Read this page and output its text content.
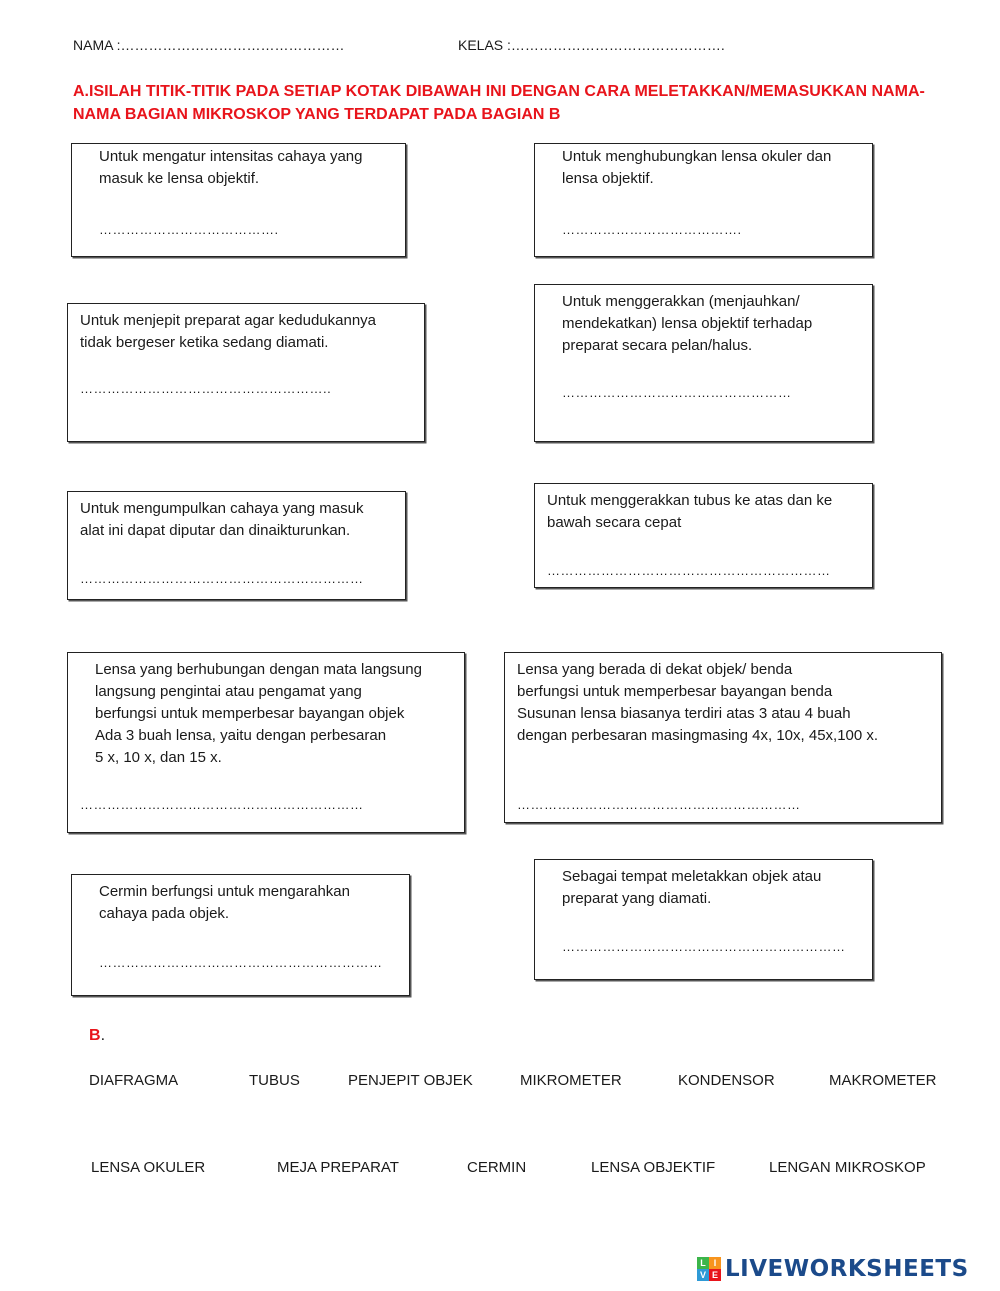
NAMA :…………………………………………	KELAS :……………………………………….
A.ISILAH TITIK-TITIK PADA SETIAP KOTAK DIBAWAH INI DENGAN CARA MELETAKKAN/MEMASUKKAN NAMA-NAMA BAGIAN MIKROSKOP YANG TERDAPAT PADA BAGIAN B
Untuk mengatur intensitas cahaya yang
masuk ke lensa objektif.
………………………………….
Untuk menghubungkan lensa okuler dan
lensa objektif.
………………………………….
Untuk menjepit preparat agar kedudukannya
tidak bergeser ketika sedang diamati.
………………………………………………..
Untuk menggerakkan (menjauhkan/
mendekatkan) lensa objektif terhadap
preparat secara pelan/halus.
……………………………………………
Untuk mengumpulkan cahaya yang masuk
alat ini dapat diputar dan dinaikturunkan.
………………………………………………………
Untuk menggerakkan tubus ke atas dan ke
bawah secara cepat
………………………………………………………
Lensa yang berhubungan dengan mata langsung
langsung pengintai atau pengamat yang
berfungsi untuk memperbesar bayangan objek
Ada 3 buah lensa, yaitu dengan perbesaran
5 x, 10 x, dan 15 x.
………………………………………………………
Lensa yang berada di dekat objek/ benda
berfungsi untuk memperbesar bayangan benda
Susunan lensa biasanya terdiri atas 3 atau 4 buah
dengan perbesaran masingmasing 4x, 10x, 45x,100 x.
………………………………………………………
Cermin berfungsi untuk mengarahkan
cahaya pada objek.
………………………………………………………
Sebagai tempat meletakkan objek atau
preparat yang diamati.
………………………………………………………
B.
DIAFRAGMA	TUBUS	PENJEPIT OBJEK	MIKROMETER	KONDENSOR	MAKROMETER
LENSA OKULER	MEJA PREPARAT	CERMIN	LENSA OBJEKTIF	LENGAN MIKROSKOP
L I
V E LIVEWORKSHEETS
